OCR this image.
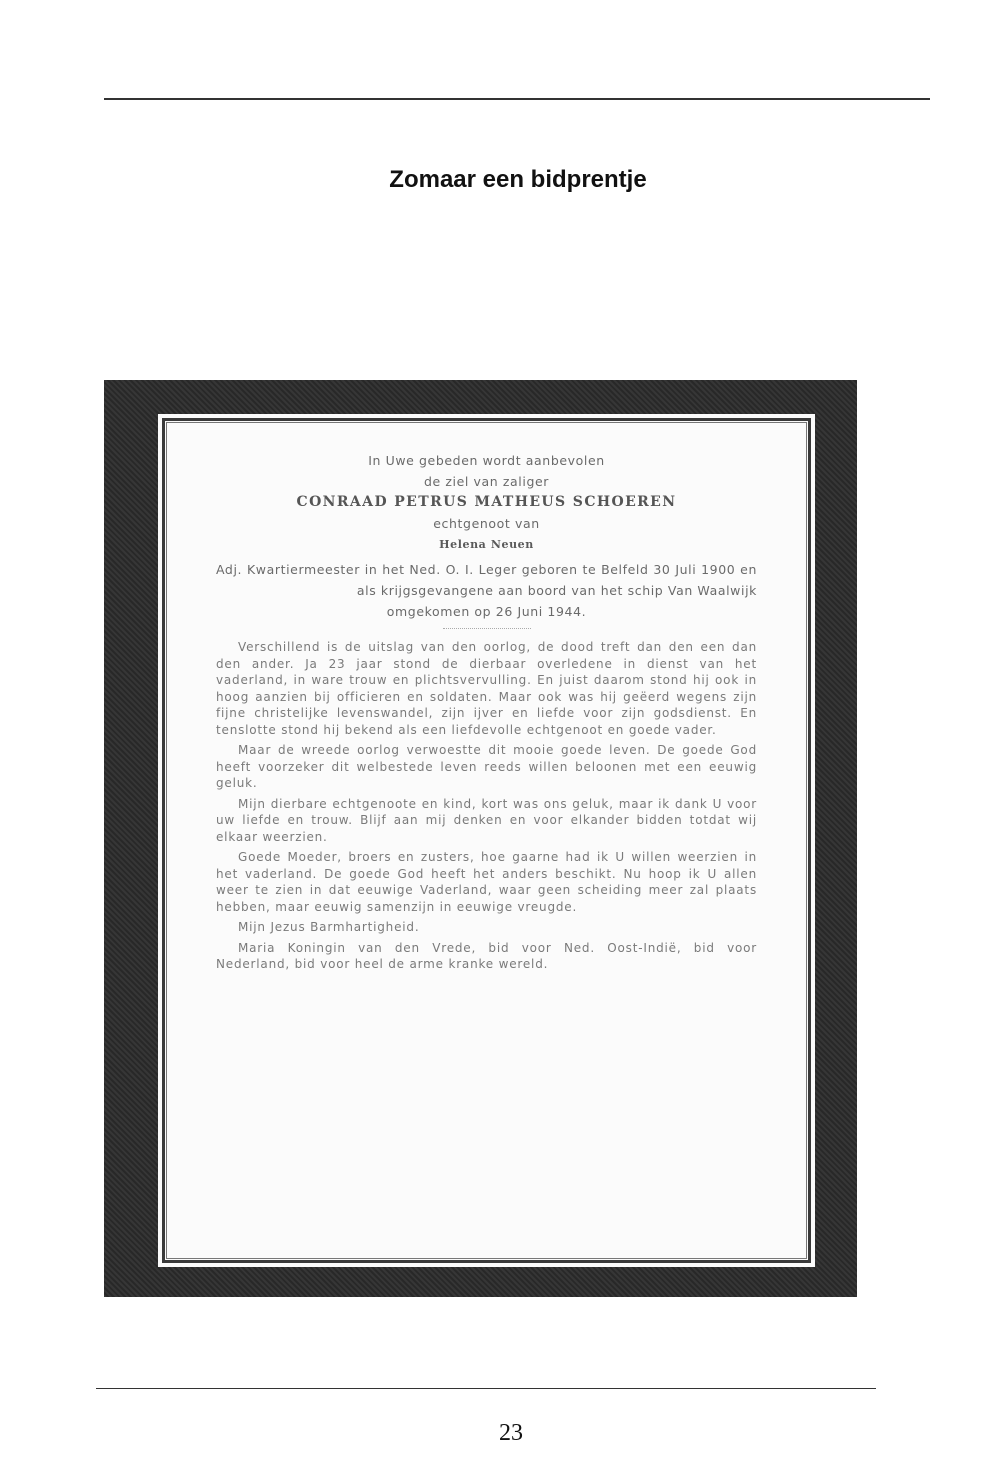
Zomaar een bidprentje
In Uwe gebeden wordt aanbevolen
de ziel van zaliger
CONRAAD PETRUS MATHEUS SCHOEREN
echtgenoot van
Helena Neuen
Adj. Kwartiermeester in het Ned. O. I. Leger geboren te Belfeld 30 Juli 1900 en als krijgsgevangene aan boord van het schip Van Waalwijk
omgekomen op 26 Juni 1944.

Verschillend is de uitslag van den oorlog, de dood treft dan den een dan den ander. Ja 23 jaar stond de dierbaar overledene in dienst van het vaderland, in ware trouw en plichtsvervulling. En juist daarom stond hij ook in hoog aanzien bij officieren en soldaten. Maar ook was hij geëerd wegens zijn fijne christelijke levenswandel, zijn ijver en liefde voor zijn godsdienst. En tenslotte stond hij bekend als een liefdevolle echtgenoot en goede vader.

Maar de wreede oorlog verwoestte dit mooie goede leven. De goede God heeft voorzeker dit welbestede leven reeds willen beloonen met een eeuwig geluk.

Mijn dierbare echtgenoote en kind, kort was ons geluk, maar ik dank U voor uw liefde en trouw. Blijf aan mij denken en voor elkander bidden totdat wij elkaar weerzien.

Goede Moeder, broers en zusters, hoe gaarne had ik U willen weerzien in het vaderland. De goede God heeft het anders beschikt. Nu hoop ik U allen weer te zien in dat eeuwige Vaderland, waar geen scheiding meer zal plaats hebben, maar eeuwig samenzijn in eeuwige vreugde.

Mijn Jezus Barmhartigheid.

Maria Koningin van den Vrede, bid voor Ned. Oost-Indië, bid voor Nederland, bid voor heel de arme kranke wereld.

23
